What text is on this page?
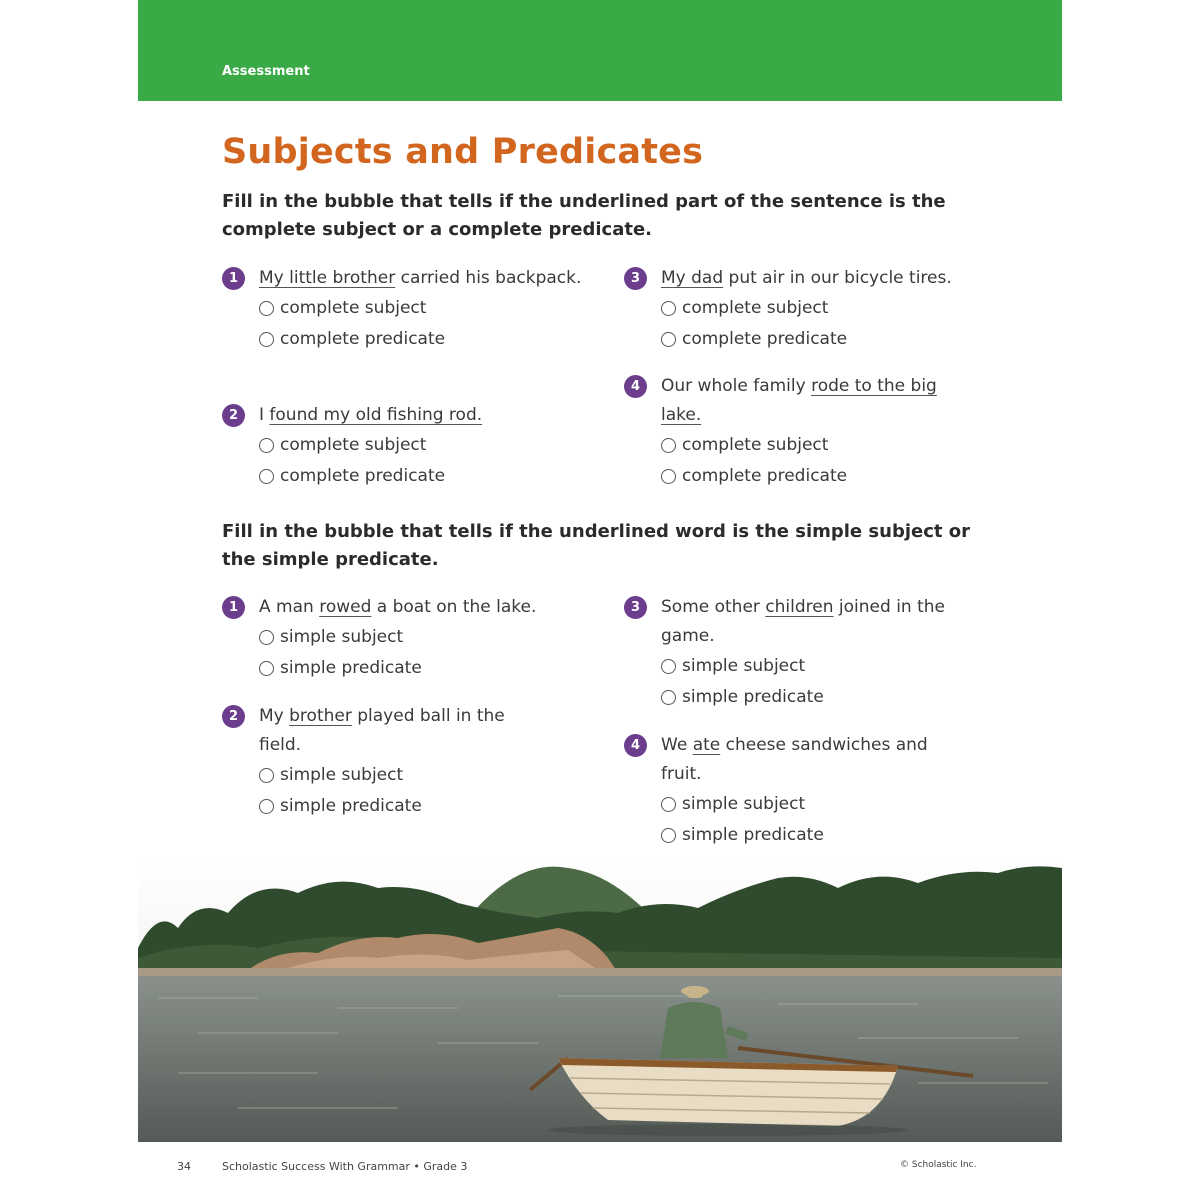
Assessment
Subjects and Predicates

Fill in the bubble that tells if the underlined part of the sentence is the complete subject or a complete predicate.

1	My little brother carried his backpack.
complete subject
complete predicate
2	I found my old fishing rod.
complete subject
complete predicate
3	My dad put air in our bicycle tires.
complete subject
complete predicate
4	Our whole family rode to the big lake.
complete subject
complete predicate

Fill in the bubble that tells if the underlined word is the simple subject or the simple predicate.

1	A man rowed a boat on the lake.
simple subject
simple predicate
2	My brother played ball in the field.
simple subject
simple predicate
3	Some other children joined in the game.
simple subject
simple predicate
4	We ate cheese sandwiches and fruit.
simple subject
simple predicate
34	Scholastic Success With Grammar • Grade 3	© Scholastic Inc.
